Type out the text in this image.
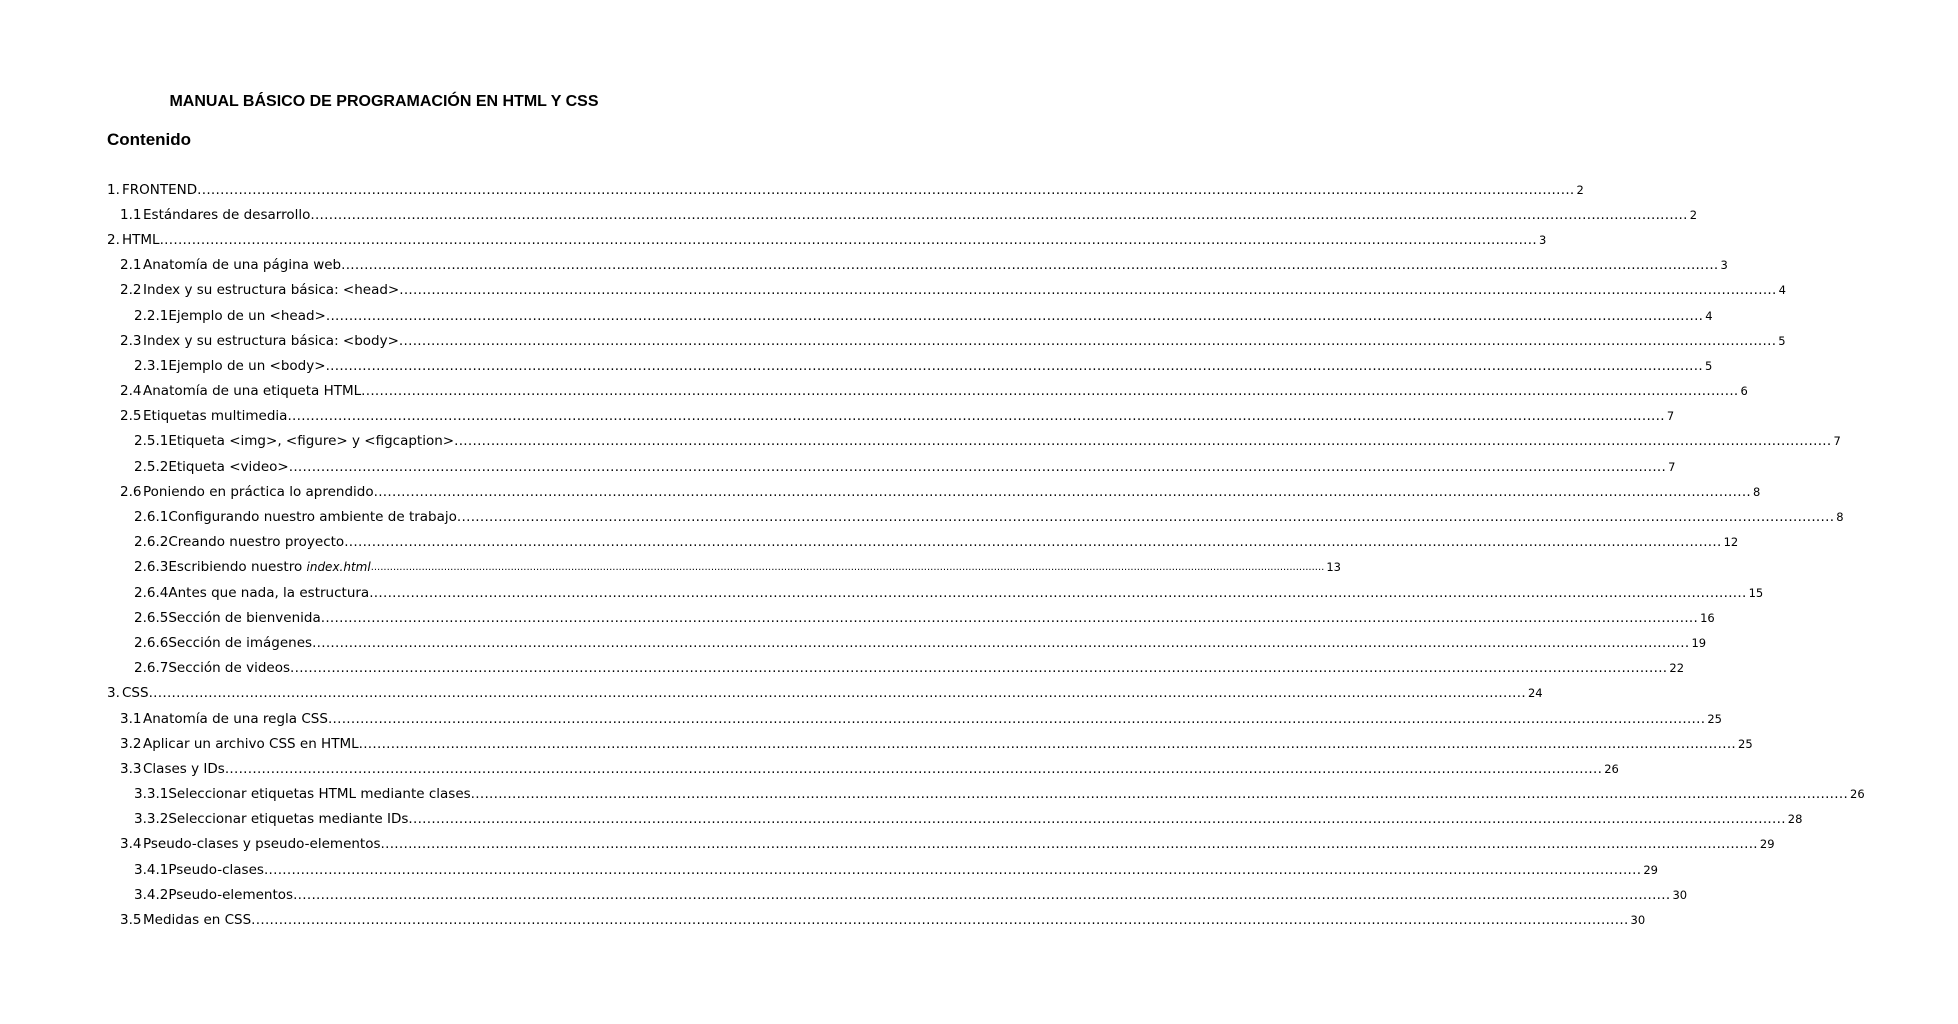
MANUAL BÁSICO DE PROGRAMACIÓN EN HTML Y CSS
Contenido
1. FRONTEND ............................................................................................................................................................................................................................................................................................................ 2
1.1 Estándares de desarrollo ............................................................................................................................................................................................................................................................................................................ 2
2. HTML ............................................................................................................................................................................................................................................................................................................ 3
2.1 Anatomía de una página web ............................................................................................................................................................................................................................................................................................................ 3
2.2 Index y su estructura básica: <head> ............................................................................................................................................................................................................................................................................................................ 4
2.2.1 Ejemplo de un <head> ............................................................................................................................................................................................................................................................................................................ 4
2.3 Index y su estructura básica: <body> ............................................................................................................................................................................................................................................................................................................ 5
2.3.1 Ejemplo de un <body> ............................................................................................................................................................................................................................................................................................................ 5
2.4 Anatomía de una etiqueta HTML ............................................................................................................................................................................................................................................................................................................ 6
2.5 Etiquetas multimedia ............................................................................................................................................................................................................................................................................................................ 7
2.5.1 Etiqueta <img>, <figure> y <figcaption> ............................................................................................................................................................................................................................................................................................................ 7
2.5.2 Etiqueta <video> ............................................................................................................................................................................................................................................................................................................ 7
2.6 Poniendo en práctica lo aprendido ............................................................................................................................................................................................................................................................................................................ 8
2.6.1 Configurando nuestro ambiente de trabajo ............................................................................................................................................................................................................................................................................................................ 8
2.6.2 Creando nuestro proyecto ............................................................................................................................................................................................................................................................................................................ 12
2.6.3 Escribiendo nuestro index.html ............................................................................................................................................................................................................................................................................................................ 13
2.6.4 Antes que nada, la estructura ............................................................................................................................................................................................................................................................................................................ 15
2.6.5 Sección de bienvenida ............................................................................................................................................................................................................................................................................................................ 16
2.6.6 Sección de imágenes ............................................................................................................................................................................................................................................................................................................ 19
2.6.7 Sección de videos ............................................................................................................................................................................................................................................................................................................ 22
3. CSS ............................................................................................................................................................................................................................................................................................................ 24
3.1 Anatomía de una regla CSS ............................................................................................................................................................................................................................................................................................................ 25
3.2 Aplicar un archivo CSS en HTML ............................................................................................................................................................................................................................................................................................................ 25
3.3 Clases y IDs ............................................................................................................................................................................................................................................................................................................ 26
3.3.1 Seleccionar etiquetas HTML mediante clases ............................................................................................................................................................................................................................................................................................................ 26
3.3.2 Seleccionar etiquetas mediante IDs ............................................................................................................................................................................................................................................................................................................ 28
3.4 Pseudo-clases y pseudo-elementos ............................................................................................................................................................................................................................................................................................................ 29
3.4.1 Pseudo-clases ............................................................................................................................................................................................................................................................................................................ 29
3.4.2 Pseudo-elementos ............................................................................................................................................................................................................................................................................................................ 30
3.5 Medidas en CSS ............................................................................................................................................................................................................................................................................................................ 30
